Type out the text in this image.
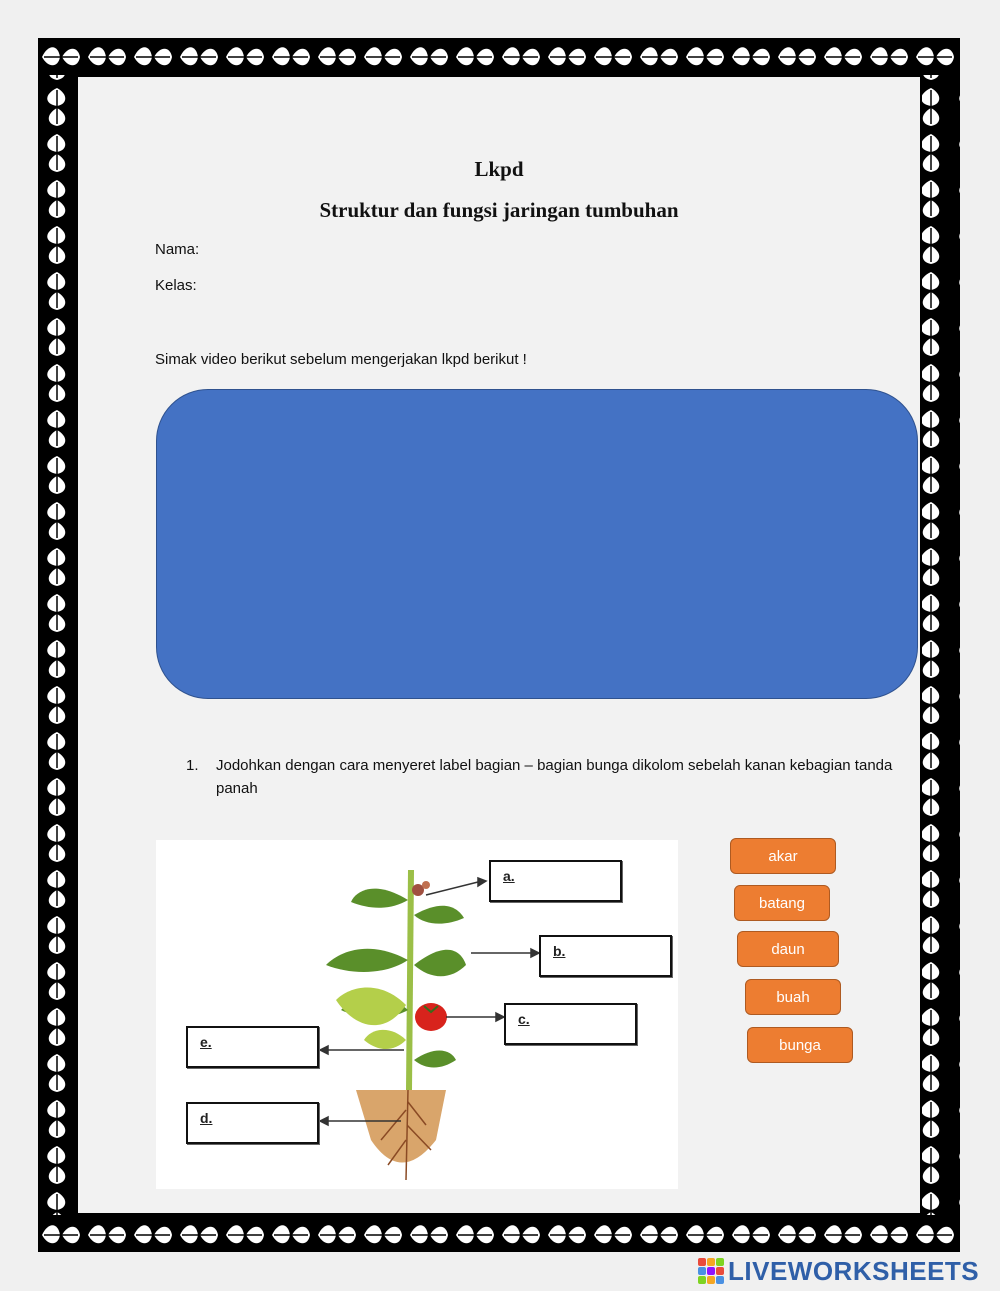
Lkpd
Struktur dan fungsi jaringan tumbuhan
Nama:
Kelas:
Simak video berikut sebelum mengerjakan lkpd berikut !
1. Jodohkan dengan cara menyeret label bagian – bagian bunga dikolom sebelah kanan kebagian tanda panah
a.
b.
c.
d.
e.
akar
batang
daun
buah
bunga
LIVEWORKSHEETS
